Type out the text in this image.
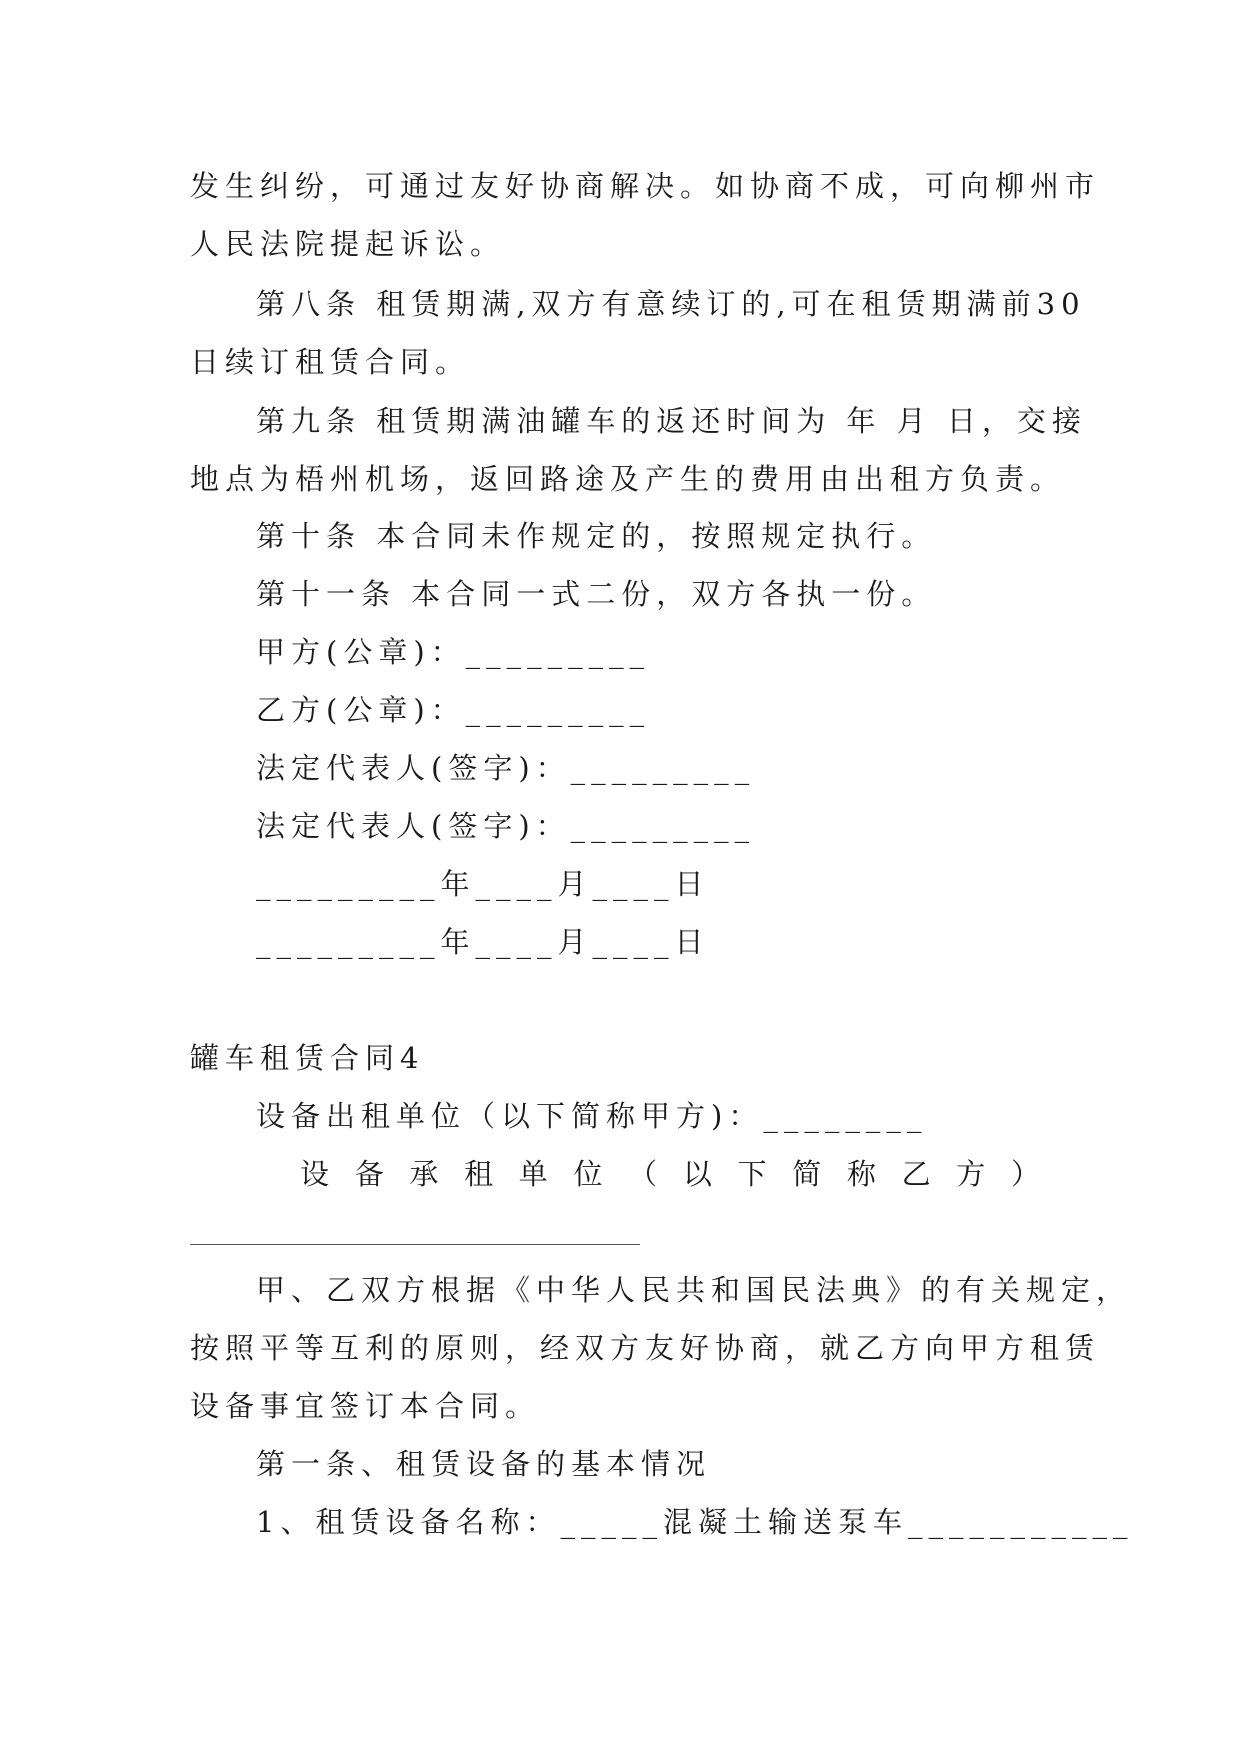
发生纠纷，可通过友好协商解决。如协商不成，可向柳州市
人民法院提起诉讼。
第八条 租赁期满,双方有意续订的,可在租赁期满前30
日续订租赁合同。
第九条 租赁期满油罐车的返还时间为 年 月 日，交接
地点为梧州机场，返回路途及产生的费用由出租方负责。
第十条 本合同未作规定的，按照规定执行。
第十一条 本合同一式二份，双方各执一份。
甲方(公章)：_________
乙方(公章)：_________
法定代表人(签字)：_________
法定代表人(签字)：_________
_________年____月____日
_________年____月____日
罐车租赁合同4
设备出租单位（以下简称甲方)：________
设 备 承 租 单 位 （ 以 下 简 称 乙 方 ）
甲、乙双方根据《中华人民共和国民法典》的有关规定，
按照平等互利的原则，经双方友好协商，就乙方向甲方租赁
设备事宜签订本合同。
第一条、租赁设备的基本情况
1、租赁设备名称：_____混凝土输送泵车___________
